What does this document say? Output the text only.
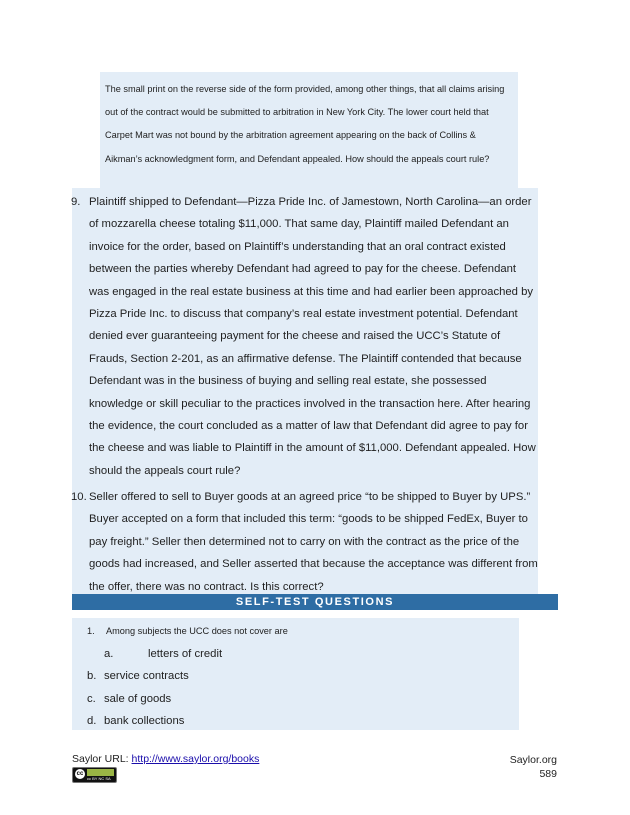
The small print on the reverse side of the form provided, among other things, that all claims arising out of the contract would be submitted to arbitration in New York City. The lower court held that Carpet Mart was not bound by the arbitration agreement appearing on the back of Collins & Aikman’s acknowledgment form, and Defendant appealed. How should the appeals court rule?

9. Plaintiff shipped to Defendant—Pizza Pride Inc. of Jamestown, North Carolina—an order of mozzarella cheese totaling $11,000. That same day, Plaintiff mailed Defendant an invoice for the order, based on Plaintiff’s understanding that an oral contract existed between the parties whereby Defendant had agreed to pay for the cheese. Defendant was engaged in the real estate business at this time and had earlier been approached by Pizza Pride Inc. to discuss that company’s real estate investment potential. Defendant denied ever guaranteeing payment for the cheese and raised the UCC’s Statute of Frauds, Section 2-201, as an affirmative defense. The Plaintiff contended that because Defendant was in the business of buying and selling real estate, she possessed knowledge or skill peculiar to the practices involved in the transaction here. After hearing the evidence, the court concluded as a matter of law that Defendant did agree to pay for the cheese and was liable to Plaintiff in the amount of $11,000. Defendant appealed. How should the appeals court rule?
10. Seller offered to sell to Buyer goods at an agreed price “to be shipped to Buyer by UPS.” Buyer accepted on a form that included this term: “goods to be shipped FedEx, Buyer to pay freight.” Seller then determined not to carry on with the contract as the price of the goods had increased, and Seller asserted that because the acceptance was different from the offer, there was no contract. Is this correct?
SELF-TEST QUESTIONS
1. Among subjects the UCC does not cover are
a.	letters of credit
b. service contracts
c. sale of goods
d. bank collections
Saylor URL: http://www.saylor.org/books
cc
cc BY NC SA
Saylor.org
589
